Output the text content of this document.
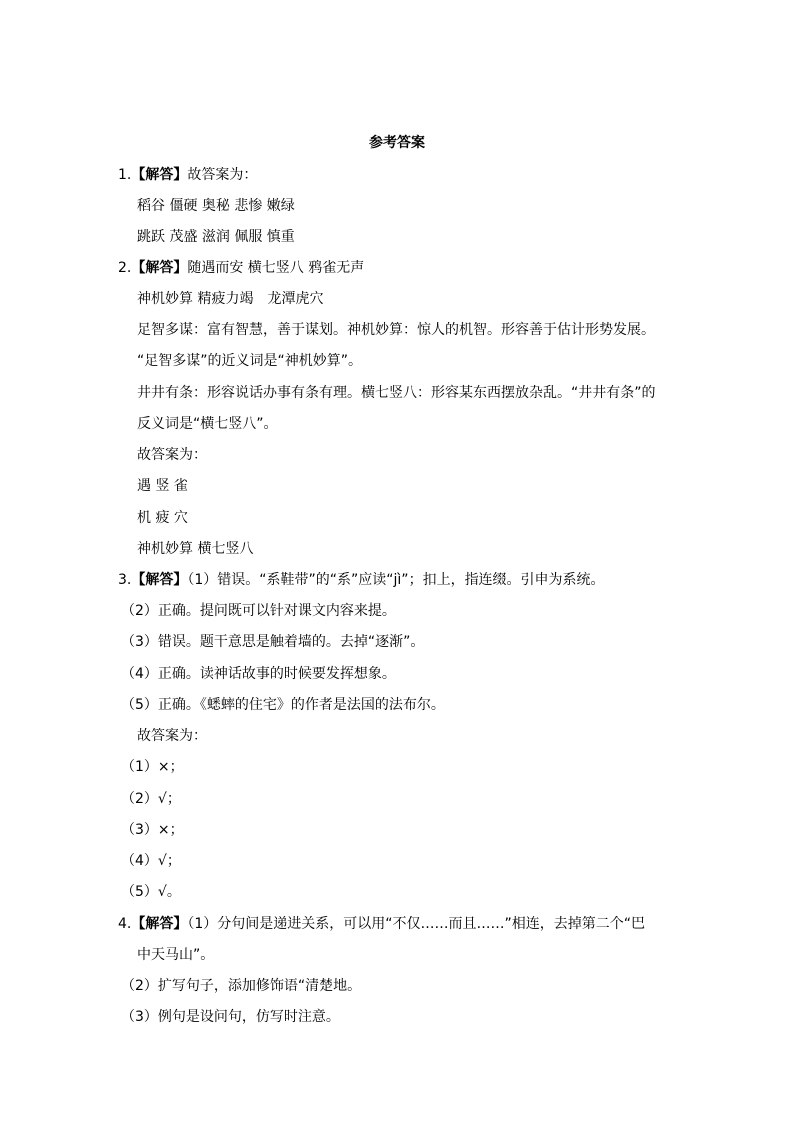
参考答案
1.【解答】故答案为：
稻谷 僵硬 奥秘 悲惨 嫩绿
跳跃 茂盛 滋润 佩服 慎重
2.【解答】随遇而安 横七竖八 鸦雀无声
神机妙算 精疲力竭　龙潭虎穴
足智多谋：富有智慧，善于谋划。神机妙算：惊人的机智。形容善于估计形势发展。
“足智多谋”的近义词是“神机妙算”。
井井有条：形容说话办事有条有理。横七竖八：形容某东西摆放杂乱。“井井有条”的
反义词是“横七竖八”。
故答案为：
遇 竖 雀
机 疲 穴
神机妙算 横七竖八
3.【解答】（1）错误。“系鞋带”的“系”应读“jì”；扣上，指连缀。引申为系统。
（2）正确。提问既可以针对课文内容来提。
（3）错误。题干意思是触着墙的。去掉“逐渐”。
（4）正确。读神话故事的时候要发挥想象。
（5）正确。《蟋蟀的住宅》的作者是法国的法布尔。
故答案为：
（1）×；
（2）√；
（3）×；
（4）√；
（5）√。
4.【解答】（1）分句间是递进关系，可以用“不仅……而且……”相连，去掉第二个“巴
中天马山”。
（2）扩写句子，添加修饰语“清楚地。
（3）例句是设问句，仿写时注意。
